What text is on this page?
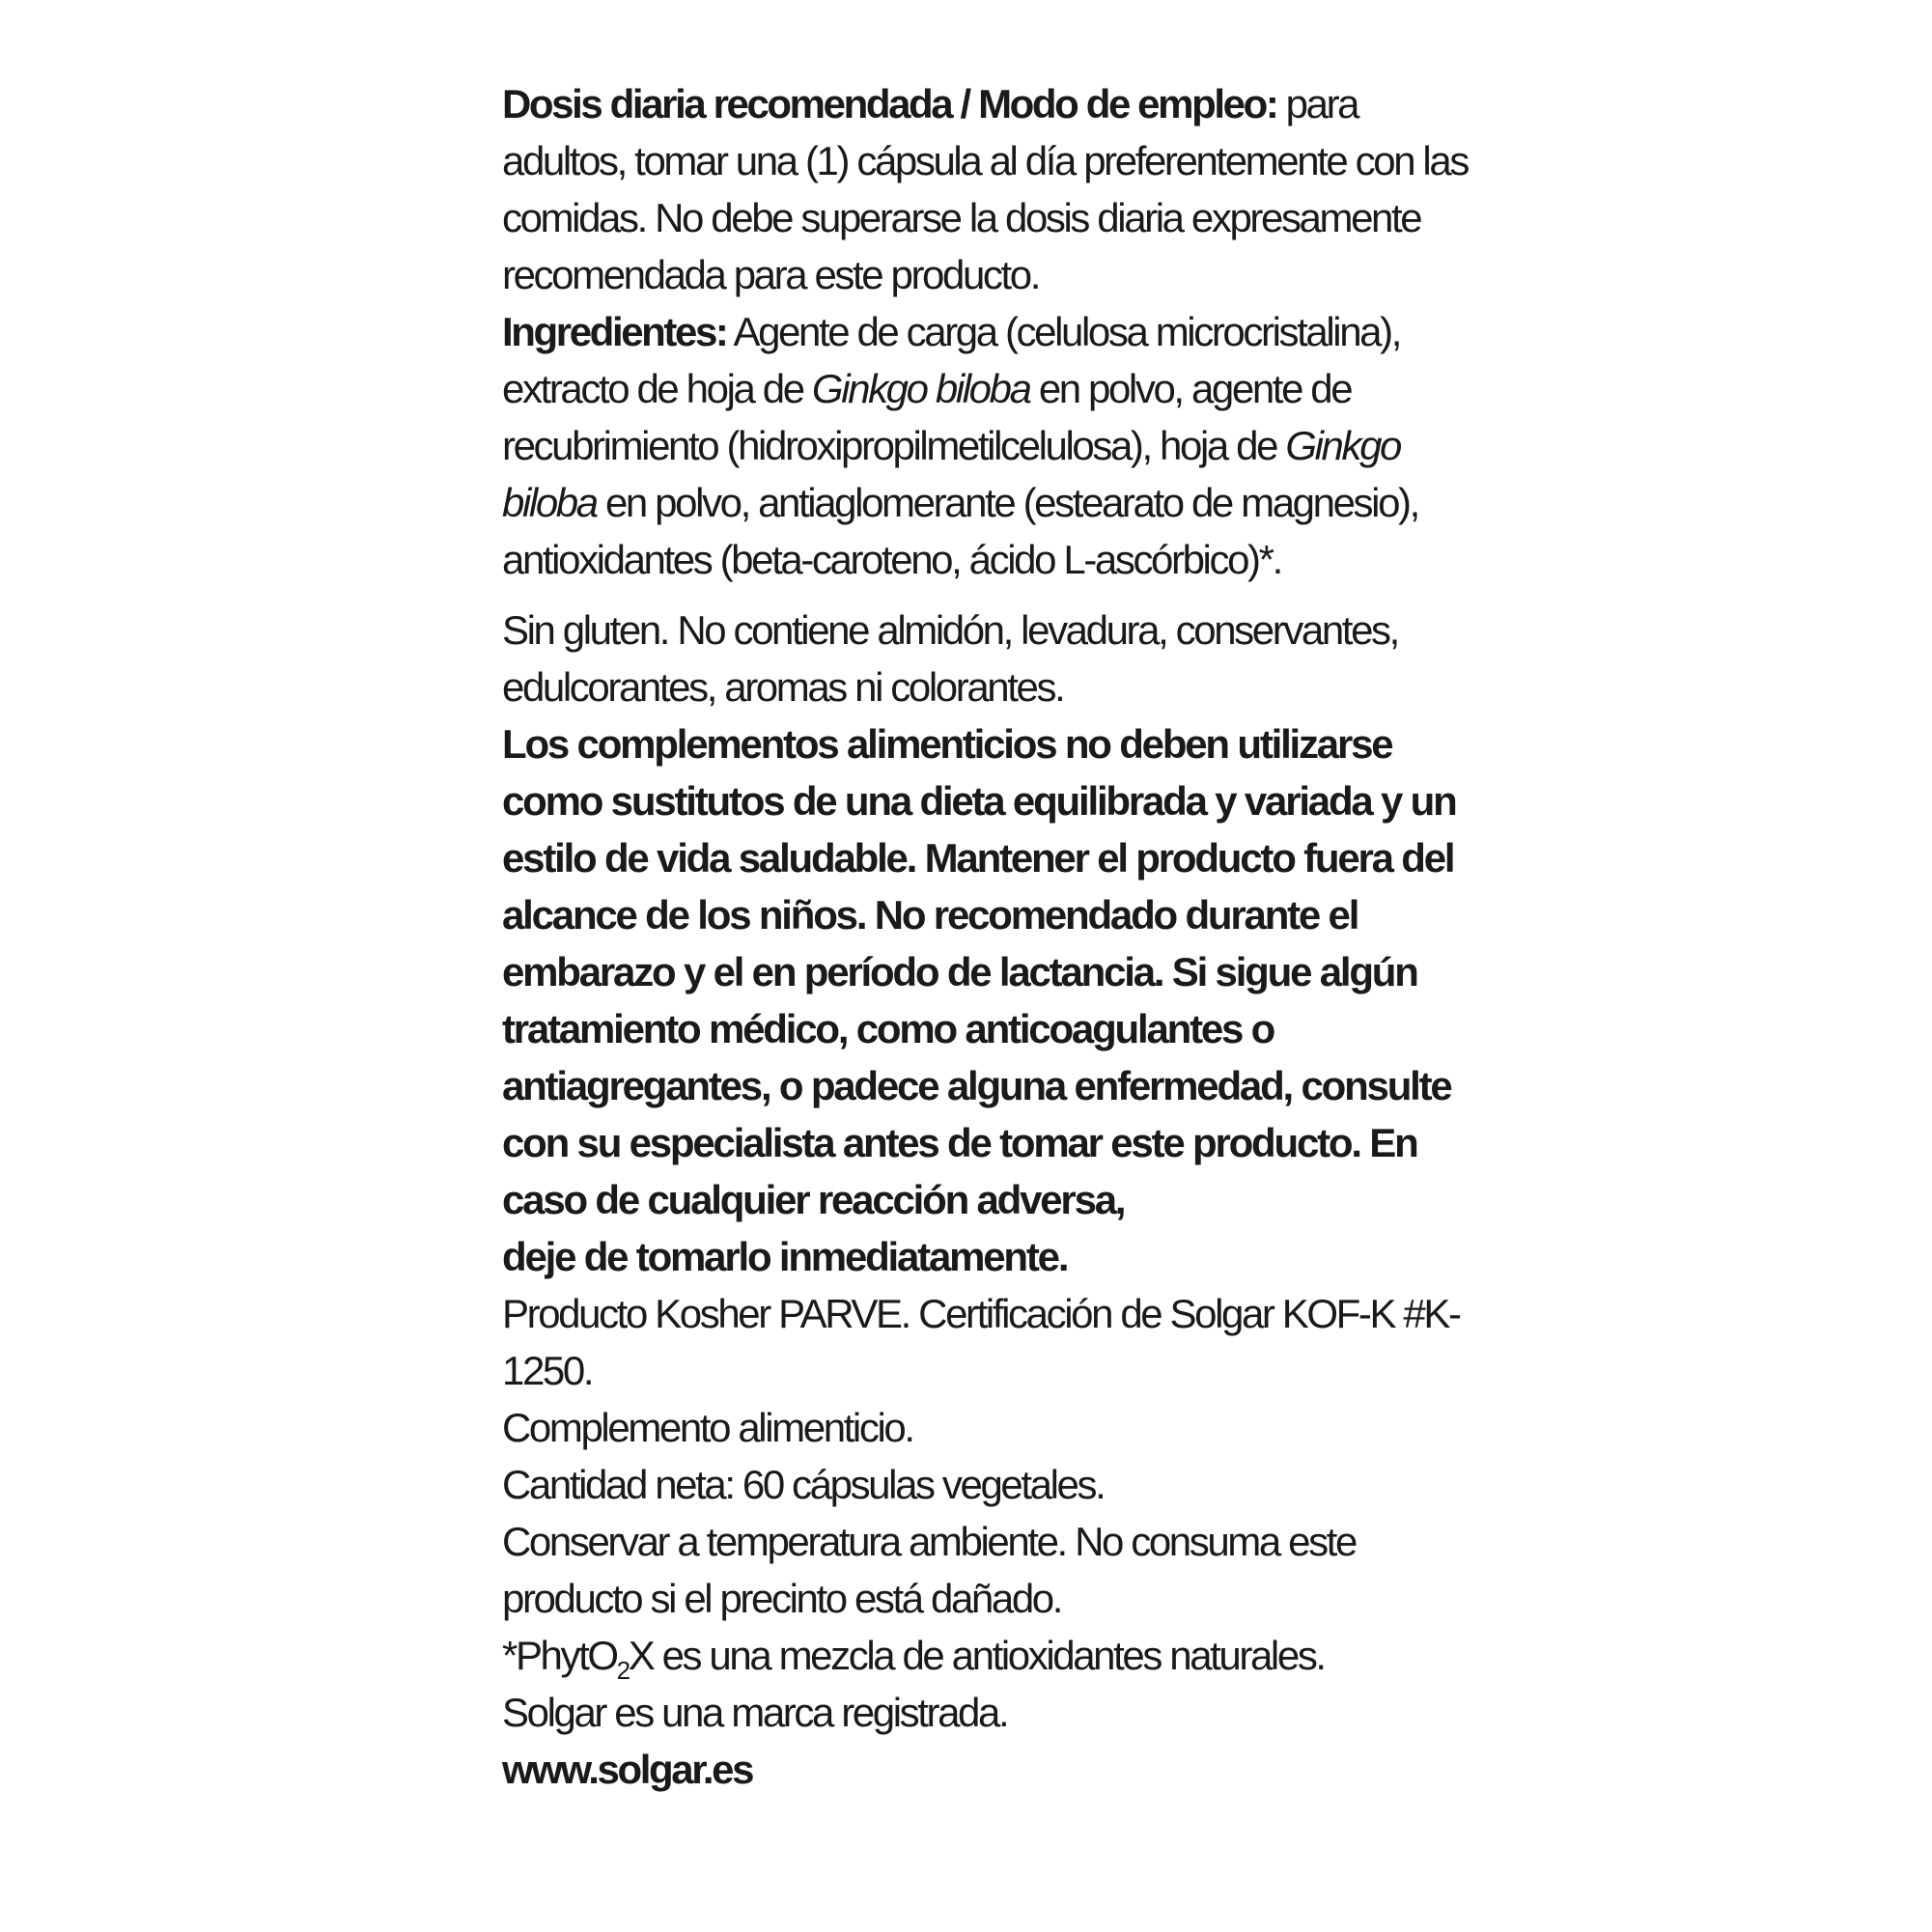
Dosis diaria recomendada / Modo de empleo: para adultos, tomar una (1) cápsula al día preferentemente con las comidas. No debe superarse la dosis diaria expresamente recomendada para este producto.

Ingredientes: Agente de carga (celulosa microcristalina), extracto de hoja de Ginkgo biloba en polvo, agente de recubrimiento (hidroxipropilmetilcelulosa), hoja de Ginkgo biloba en polvo, antiaglomerante (estearato de magnesio), antioxidantes (beta-caroteno, ácido L-ascórbico)*.

Sin gluten. No contiene almidón, levadura, conservantes, edulcorantes, aromas ni colorantes.

Los complementos alimenticios no deben utilizarse como sustitutos de una dieta equilibrada y variada y un estilo de vida saludable. Mantener el producto fuera del alcance de los niños. No recomendado durante el embarazo y el en período de lactancia. Si sigue algún tratamiento médico, como anticoagulantes o antiagregantes, o padece alguna enfermedad, consulte con su especialista antes de tomar este producto. En caso de cualquier reacción adversa,
deje de tomarlo inmediatamente.

Producto Kosher PARVE. Certificación de Solgar KOF-K #K-1250.

Complemento alimenticio.

Cantidad neta: 60 cápsulas vegetales.

Conservar a temperatura ambiente. No consuma este producto si el precinto está dañado.

*PhytO$_2$X es una mezcla de antioxidantes naturales.

Solgar es una marca registrada.

www.solgar.es
